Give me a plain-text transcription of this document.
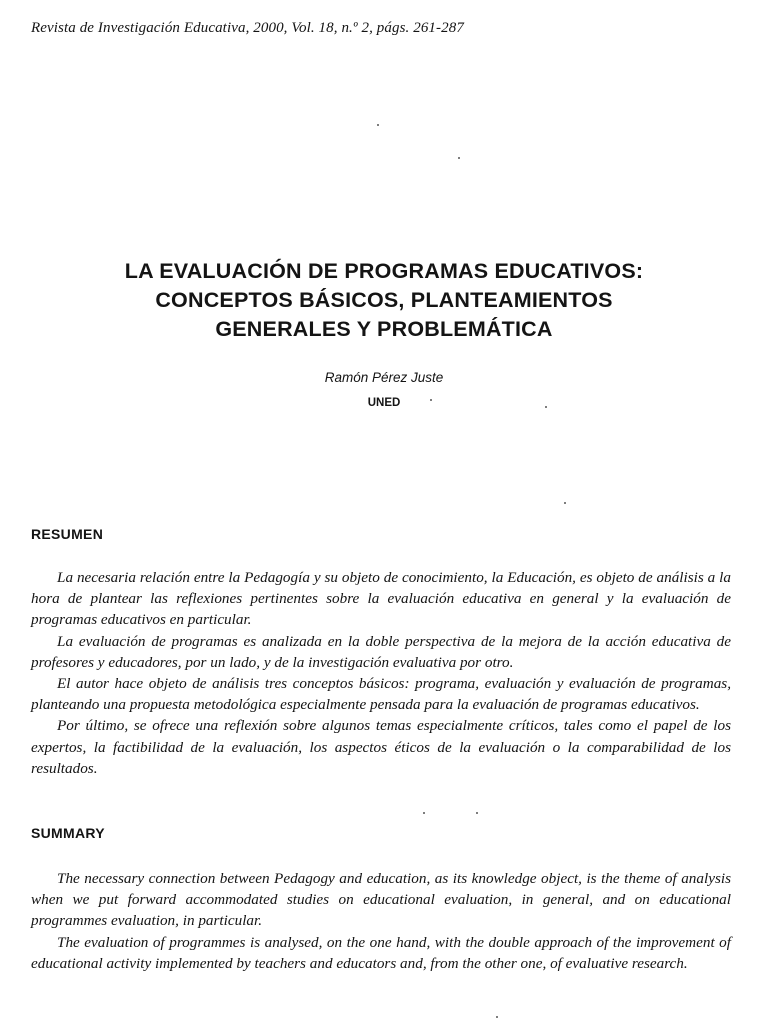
Revista de Investigación Educativa, 2000, Vol. 18, n.º 2, págs. 261-287
LA EVALUACIÓN DE PROGRAMAS EDUCATIVOS:
CONCEPTOS BÁSICOS, PLANTEAMIENTOS
GENERALES Y PROBLEMÁTICA
Ramón Pérez Juste
UNED
RESUMEN

La necesaria relación entre la Pedagogía y su objeto de conocimiento, la Educación, es objeto de análisis a la hora de plantear las reflexiones pertinentes sobre la evaluación educativa en general y la evaluación de programas educativos en particular.

La evaluación de programas es analizada en la doble perspectiva de la mejora de la acción educativa de profesores y educadores, por un lado, y de la investigación evaluativa por otro.

El autor hace objeto de análisis tres conceptos básicos: programa, evaluación y evaluación de programas, planteando una propuesta metodológica especialmente pensada para la evaluación de programas educativos.

Por último, se ofrece una reflexión sobre algunos temas especialmente críticos, tales como el papel de los expertos, la factibilidad de la evaluación, los aspectos éticos de la evaluación o la comparabilidad de los resultados.

SUMMARY

The necessary connection between Pedagogy and education, as its knowledge object, is the theme of analysis when we put forward accommodated studies on educational evaluation, in general, and on educational programmes evaluation, in particular.

The evaluation of programmes is analysed, on the one hand, with the double approach of the improvement of educational activity implemented by teachers and educators and, from the other one, of evaluative research.
